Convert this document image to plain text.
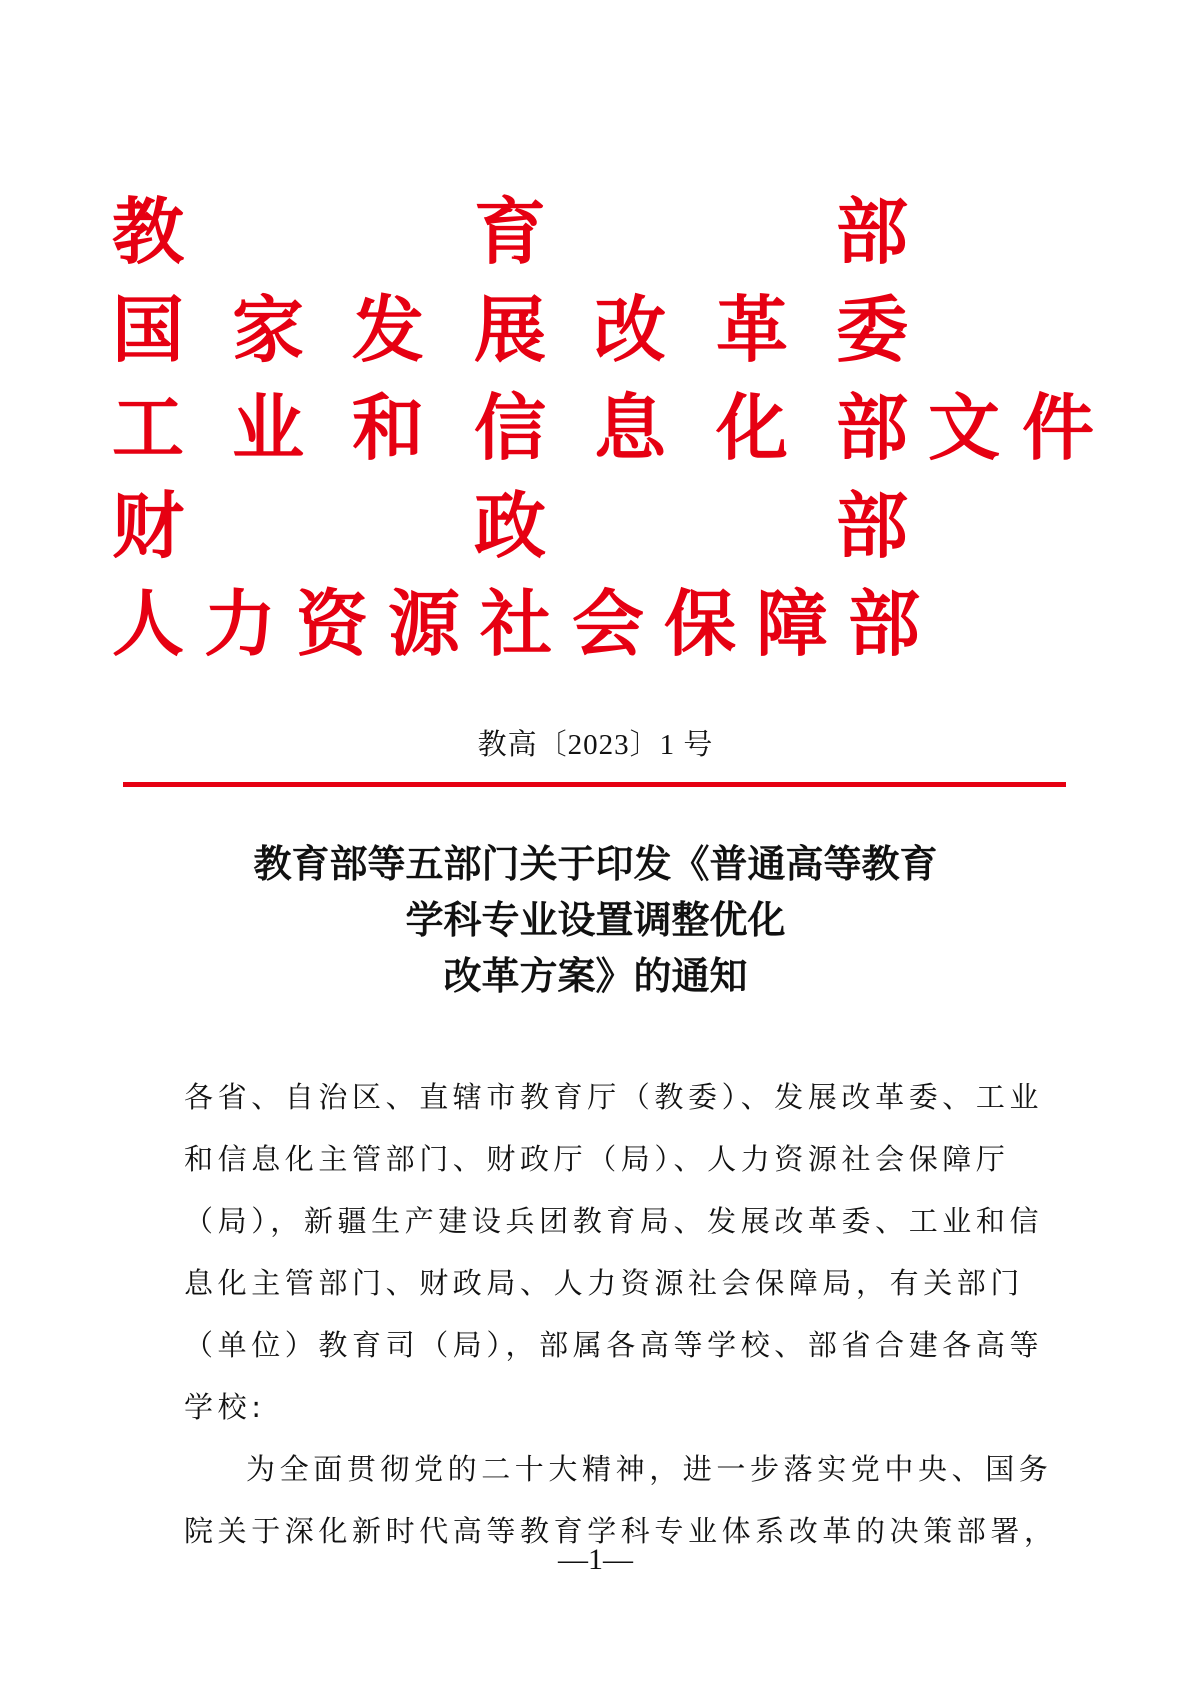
教	育	部
国 家 发 展 改 革 委
工 业 和 信 息 化 部 文 件
财	政	部
人 力 资 源 社 会 保 障 部
教高〔2023〕1 号
教育部等五部门关于印发《普通高等教育
学科专业设置调整优化
改革方案》的通知
各省、自治区、直辖市教育厅（教委）、发展改革委、工业
和信息化主管部门、财政厅（局）、人力资源社会保障厅
（局），新疆生产建设兵团教育局、发展改革委、工业和信
息化主管部门、财政局、人力资源社会保障局，有关部门
（单位）教育司（局），部属各高等学校、部省合建各高等
学校:
为全面贯彻党的二十大精神，进一步落实党中央、国务
院关于深化新时代高等教育学科专业体系改革的决策部署，
—1—
